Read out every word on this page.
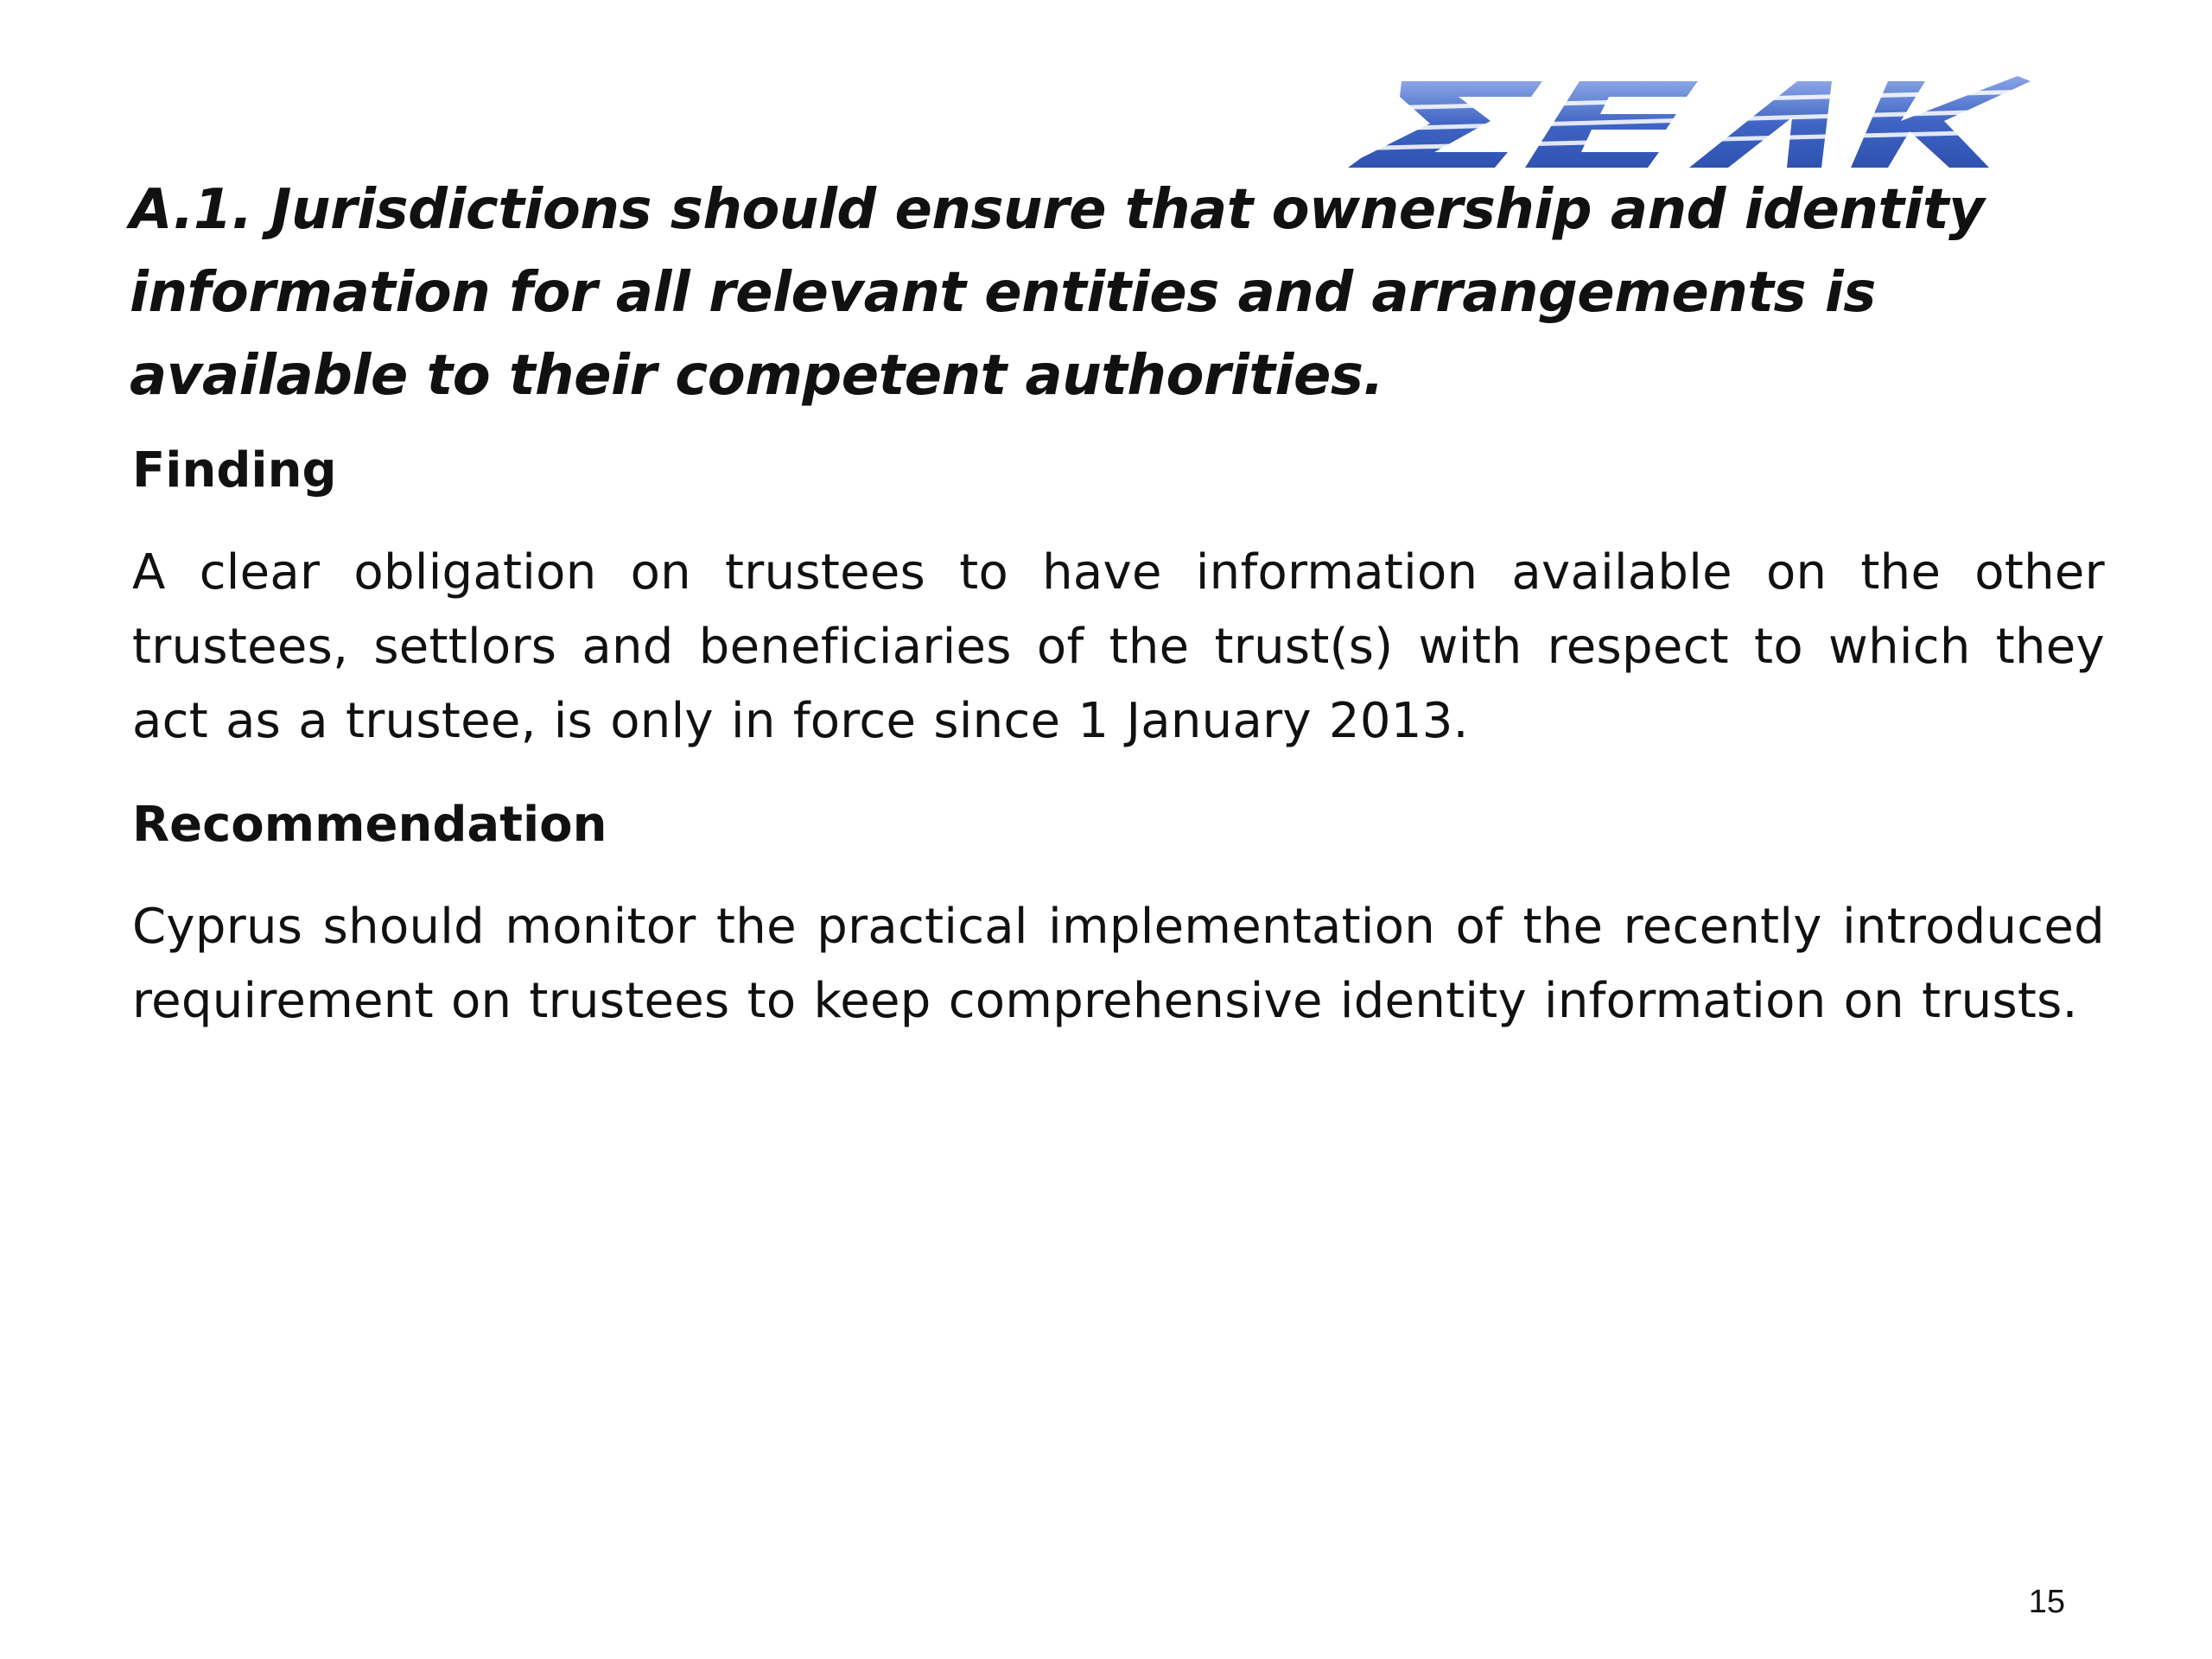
A.1. Jurisdictions should ensure that ownership and identity information for all relevant entities and arrangements is available to their competent authorities.
Finding

A clear obligation on trustees to have information available on the other trustees, settlors and beneficiaries of the trust(s) with respect to which they act as a trustee, is only in force since 1 January 2013.

Recommendation

Cyprus should monitor the practical implementation of the recently introduced requirement on trustees to keep comprehensive identity information on trusts.

15
